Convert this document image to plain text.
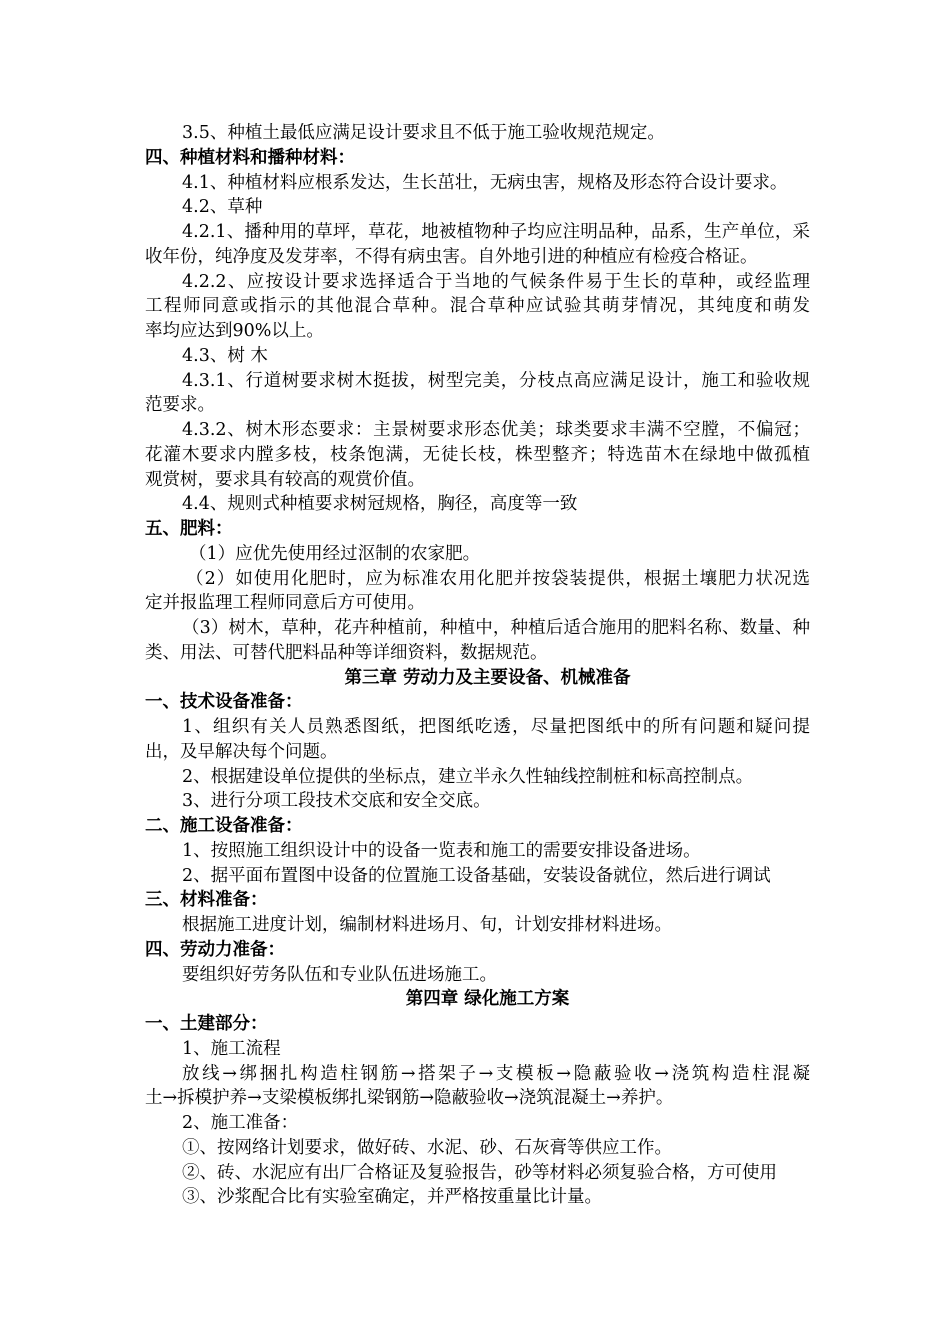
3.5、种植土最低应满足设计要求且不低于施工验收规范规定。
四、种植材料和播种材料：
4.1、种植材料应根系发达，生长茁壮，无病虫害，规格及形态符合设计要求。
4.2、草种
4.2.1、播种用的草坪，草花，地被植物种子均应注明品种，品系，生产单位，采
收年份，纯净度及发芽率，不得有病虫害。自外地引进的种植应有检疫合格证。
4.2.2、应按设计要求选择适合于当地的气候条件易于生长的草种，或经监理
工程师同意或指示的其他混合草种。混合草种应试验其萌芽情况，其纯度和萌发
率均应达到90%以上。
4.3、树 木
4.3.1、行道树要求树木挺拔，树型完美，分枝点高应满足设计，施工和验收规
范要求。
4.3.2、树木形态要求：主景树要求形态优美；球类要求丰满不空膛，不偏冠；
花灌木要求内膛多枝，枝条饱满，无徒长枝，株型整齐；特选苗木在绿地中做孤植
观赏树，要求具有较高的观赏价值。
4.4、规则式种植要求树冠规格，胸径，高度等一致
五、肥料：
（1）应优先使用经过沤制的农家肥。
（2）如使用化肥时，应为标准农用化肥并按袋装提供，根据土壤肥力状况选
定并报监理工程师同意后方可使用。
（3）树木，草种，花卉种植前，种植中，种植后适合施用的肥料名称、数量、种
类、用法、可替代肥料品种等详细资料，数据规范。
第三章 劳动力及主要设备、机械准备
一、技术设备准备：
1、组织有关人员熟悉图纸，把图纸吃透，尽量把图纸中的所有问题和疑问提
出，及早解决每个问题。
2、根据建设单位提供的坐标点，建立半永久性轴线控制桩和标高控制点。
3、进行分项工段技术交底和安全交底。
二、施工设备准备：
1、按照施工组织设计中的设备一览表和施工的需要安排设备进场。
2、据平面布置图中设备的位置施工设备基础，安装设备就位，然后进行调试
三、材料准备：
根据施工进度计划，编制材料进场月、旬，计划安排材料进场。
四、劳动力准备：
要组织好劳务队伍和专业队伍进场施工。
第四章 绿化施工方案
一、土建部分：
1、施工流程
放线→绑捆扎构造柱钢筋→搭架子→支模板→隐蔽验收→浇筑构造柱混凝
土→拆模护养→支梁模板绑扎梁钢筋→隐蔽验收→浇筑混凝土→养护。
2、施工准备：
①、按网络计划要求，做好砖、水泥、砂、石灰膏等供应工作。
②、砖、水泥应有出厂合格证及复验报告，砂等材料必须复验合格，方可使用
③、沙浆配合比有实验室确定，并严格按重量比计量。
